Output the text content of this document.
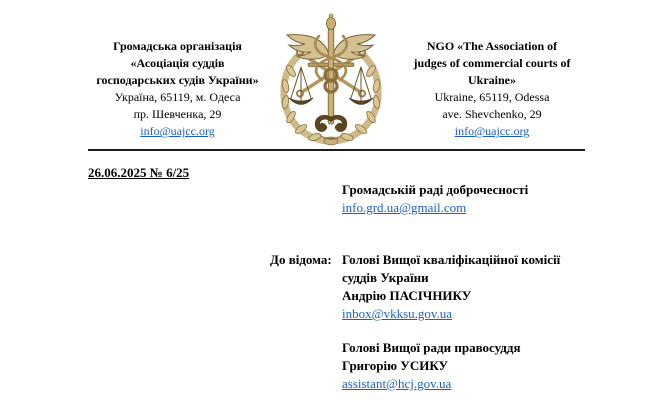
Громадська організація
«Асоціація суддів
господарських судів України»
Україна, 65119, м. Одеса
пр. Шевченка, 29
info@uajcc.org
NGO «The Association of
judges of commercial courts of
Ukraine»
Ukraine, 65119, Odessa
ave. Shevchenko, 29
info@uajcc.org
26.06.2025 № 6/25
Громадській раді доброчесності
info.grd.ua@gmail.com
До відома: Голові Вищої кваліфікаційної комісії
суддів України
Андрію ПАСІЧНИКУ
inbox@vkksu.gov.ua
Голові Вищої ради правосуддя
Григорію УСИКУ
assistant@hcj.gov.ua
